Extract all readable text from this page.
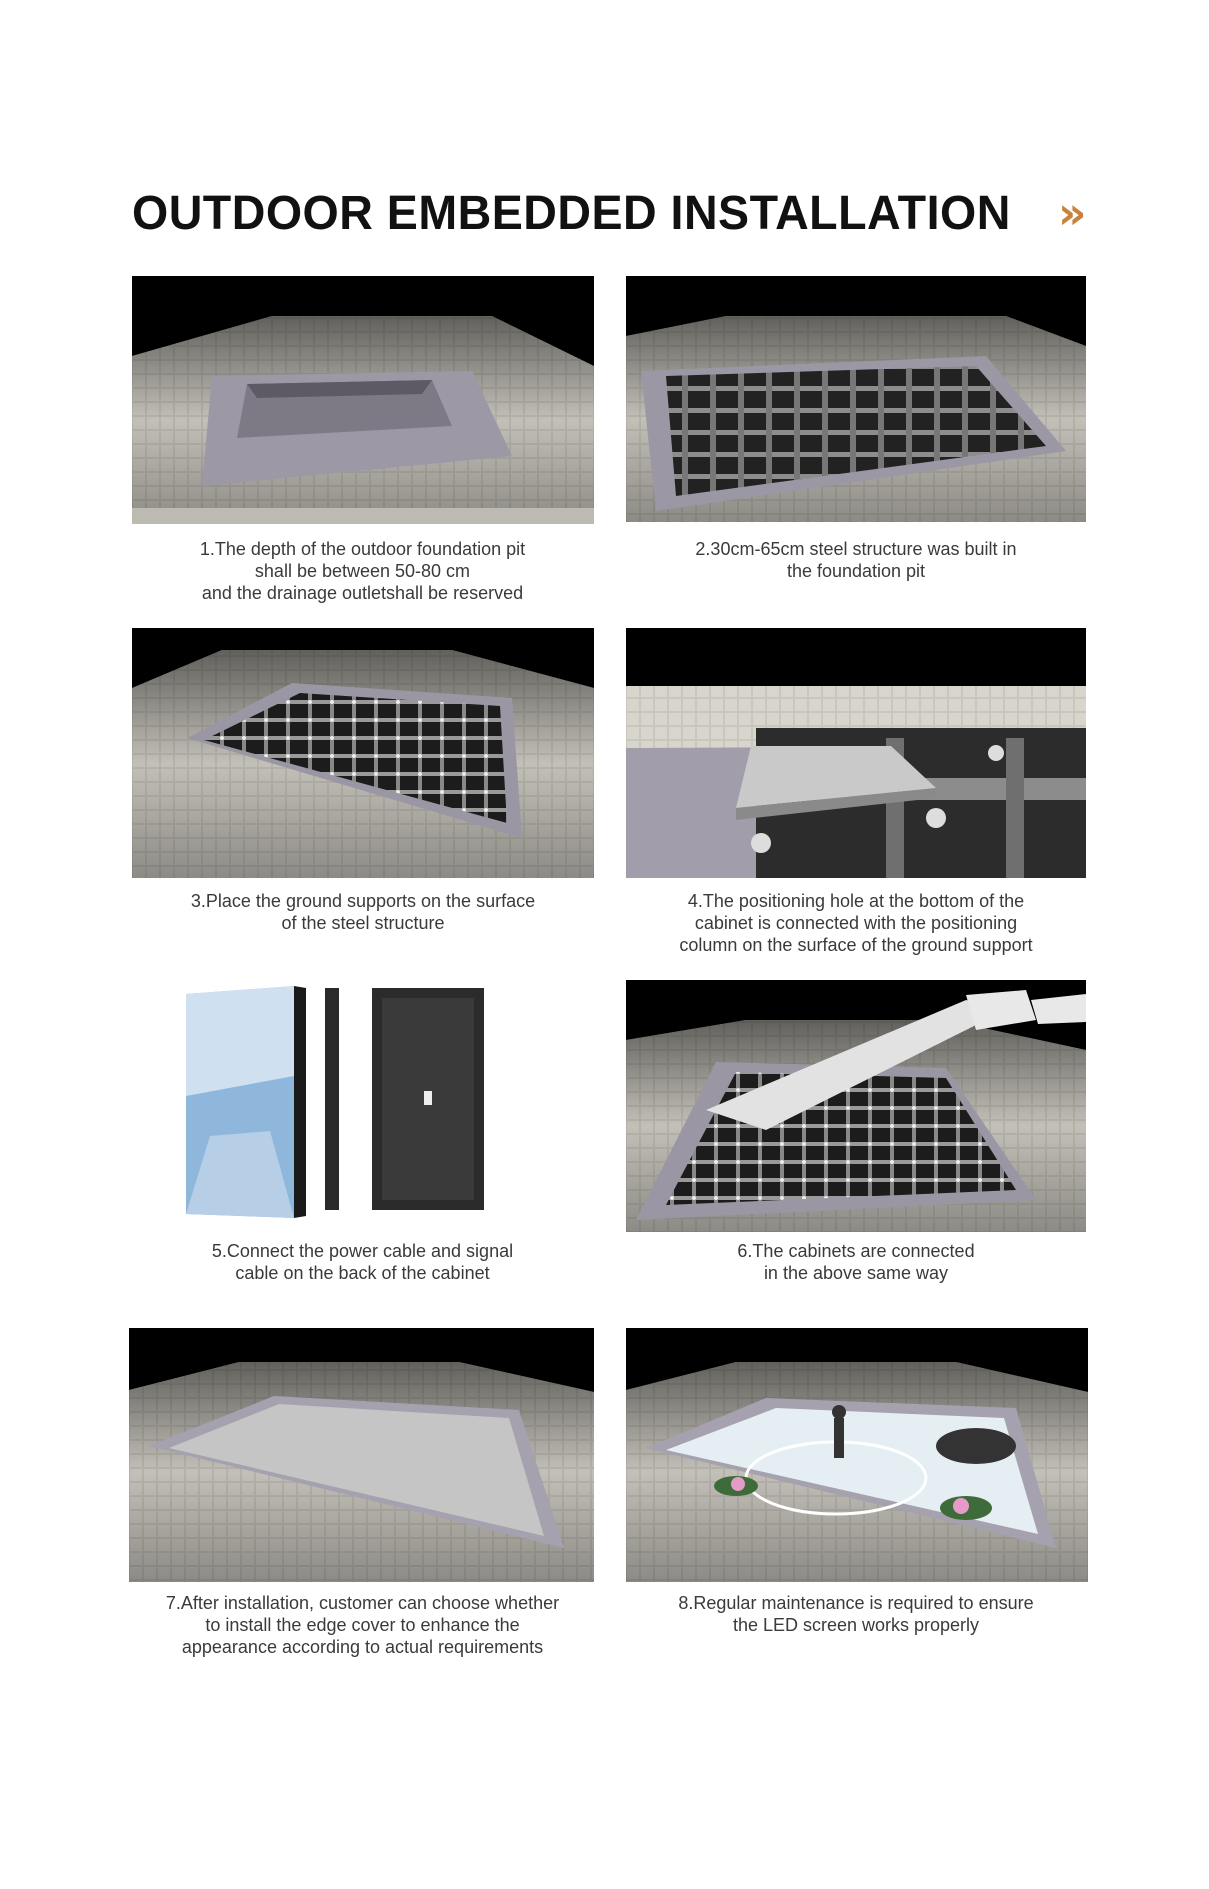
OUTDOOR EMBEDDED INSTALLATION »
1.The depth of the outdoor foundation pit
shall be between 50-80 cm
and the drainage outletshall be reserved
2.30cm-65cm steel structure was built in
the foundation pit
3.Place the ground supports on the surface
of the steel structure
4.The positioning hole at the bottom of the
cabinet is connected with the positioning
column on the surface of the ground support
5.Connect the power cable and signal
cable on the back of the cabinet
6.The cabinets are connected
in the above same way
7.After installation, customer can choose whether
to install the edge cover to enhance the
appearance according to actual requirements
8.Regular maintenance is required to ensure
the LED screen works properly
